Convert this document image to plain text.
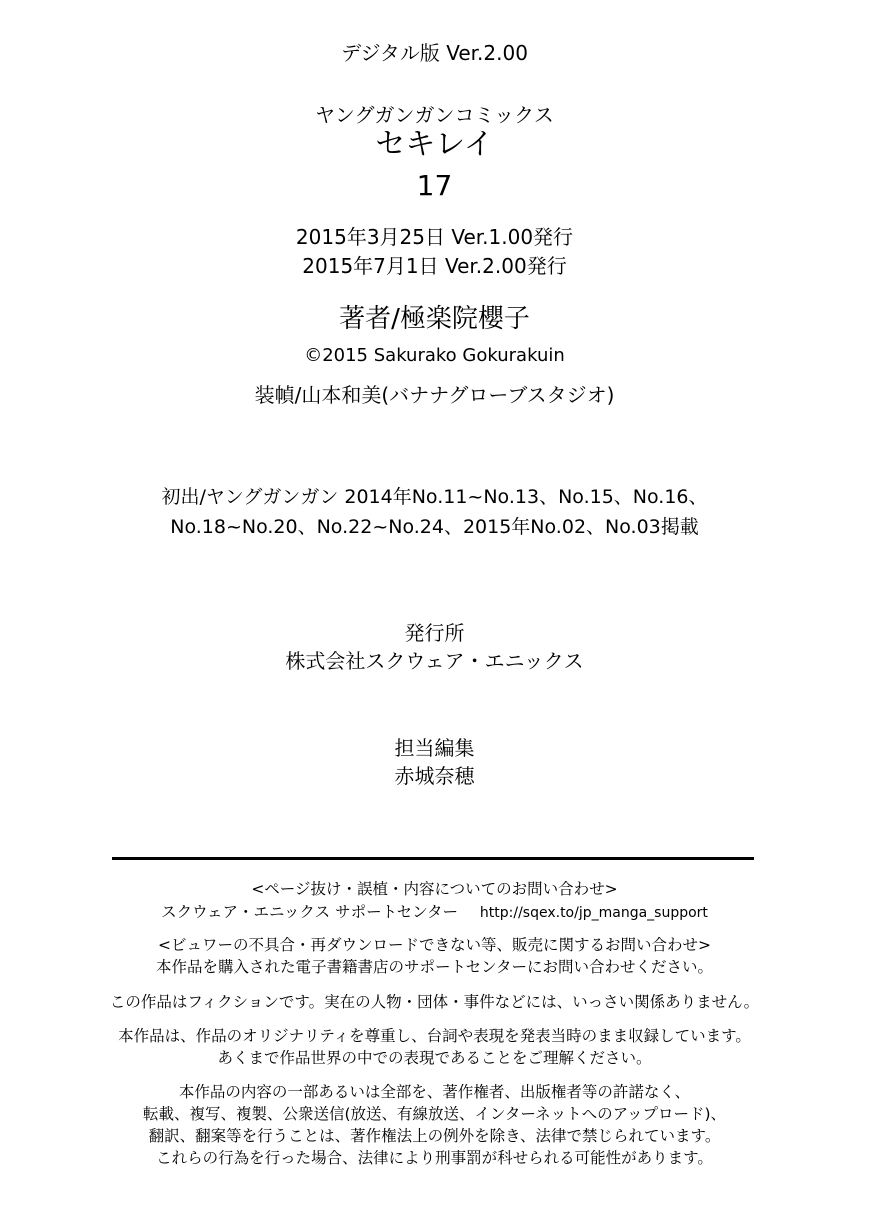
デジタル版 Ver.2.00
ヤングガンガンコミックス
セキレイ
17
2015年3月25日 Ver.1.00発行
2015年7月1日 Ver.2.00発行
著者/極楽院櫻子
©2015 Sakurako Gokurakuin
装幀/山本和美(バナナグローブスタジオ)
初出/ヤングガンガン 2014年No.11~No.13、No.15、No.16、
No.18~No.20、No.22~No.24、2015年No.02、No.03掲載
発行所
株式会社スクウェア・エニックス
担当編集
赤城奈穂
<ページ抜け・誤植・内容についてのお問い合わせ>
スクウェア・エニックス サポートセンター http://sqex.to/jp_manga_support
<ビュワーの不具合・再ダウンロードできない等、販売に関するお問い合わせ>
本作品を購入された電子書籍書店のサポートセンターにお問い合わせください。
この作品はフィクションです。実在の人物・団体・事件などには、いっさい関係ありません。
本作品は、作品のオリジナリティを尊重し、台詞や表現を発表当時のまま収録しています。
あくまで作品世界の中での表現であることをご理解ください。
本作品の内容の一部あるいは全部を、著作権者、出版権者等の許諾なく、
転載、複写、複製、公衆送信(放送、有線放送、インターネットへのアップロード)、
翻訳、翻案等を行うことは、著作権法上の例外を除き、法律で禁じられています。
これらの行為を行った場合、法律により刑事罰が科せられる可能性があります。
